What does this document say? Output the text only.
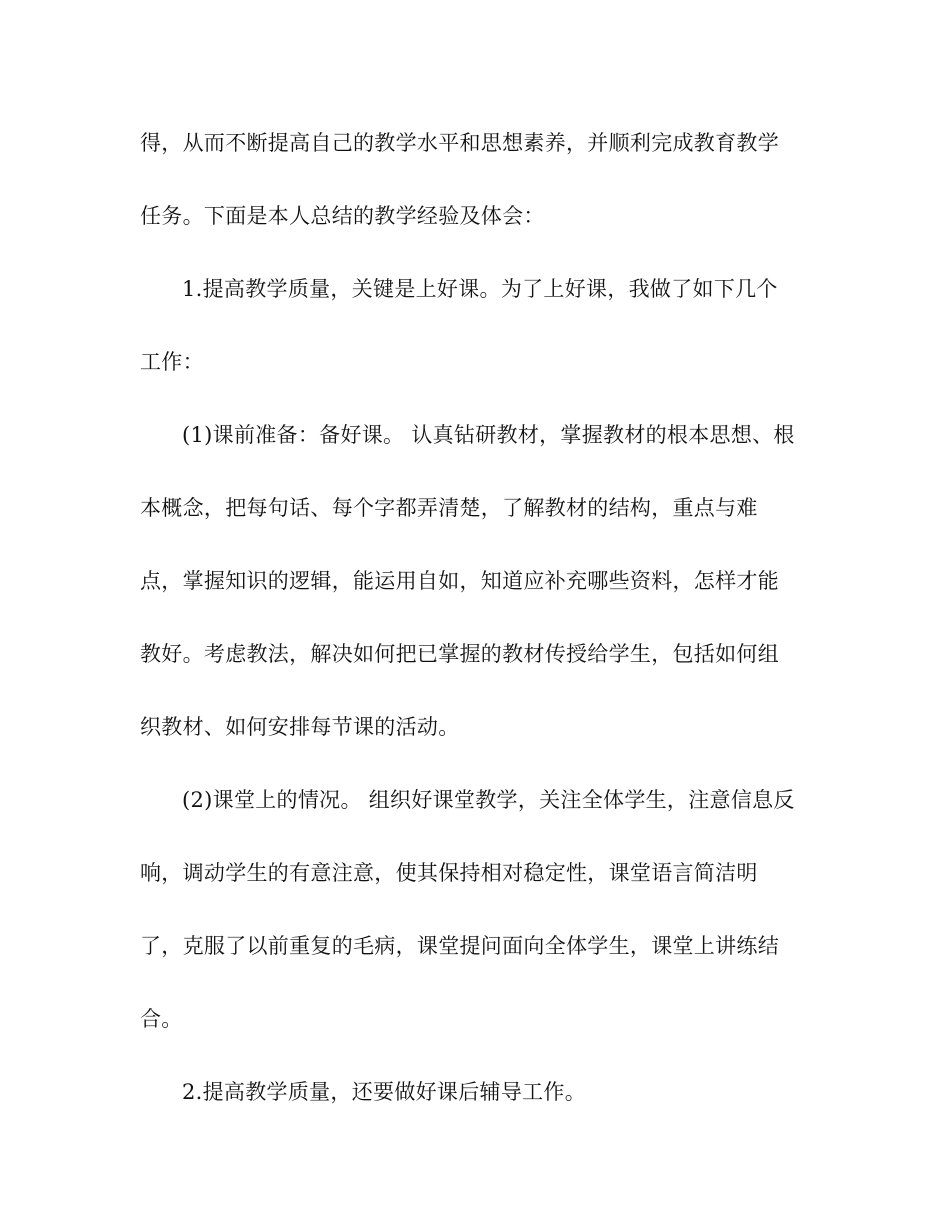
得，从而不断提高自己的教学水平和思想素养，并顺利完成教育教学
任务。下面是本人总结的教学经验及体会：
1.提高教学质量，关键是上好课。为了上好课，我做了如下几个
工作：
(1)课前准备：备好课。 认真钻研教材，掌握教材的根本思想、根
本概念，把每句话、每个字都弄清楚，了解教材的结构，重点与难
点，掌握知识的逻辑，能运用自如，知道应补充哪些资料，怎样才能
教好。考虑教法，解决如何把已掌握的教材传授给学生，包括如何组
织教材、如何安排每节课的活动。
(2)课堂上的情况。 组织好课堂教学，关注全体学生，注意信息反
响，调动学生的有意注意，使其保持相对稳定性，课堂语言简洁明
了，克服了以前重复的毛病，课堂提问面向全体学生，课堂上讲练结
合。
2.提高教学质量，还要做好课后辅导工作。
